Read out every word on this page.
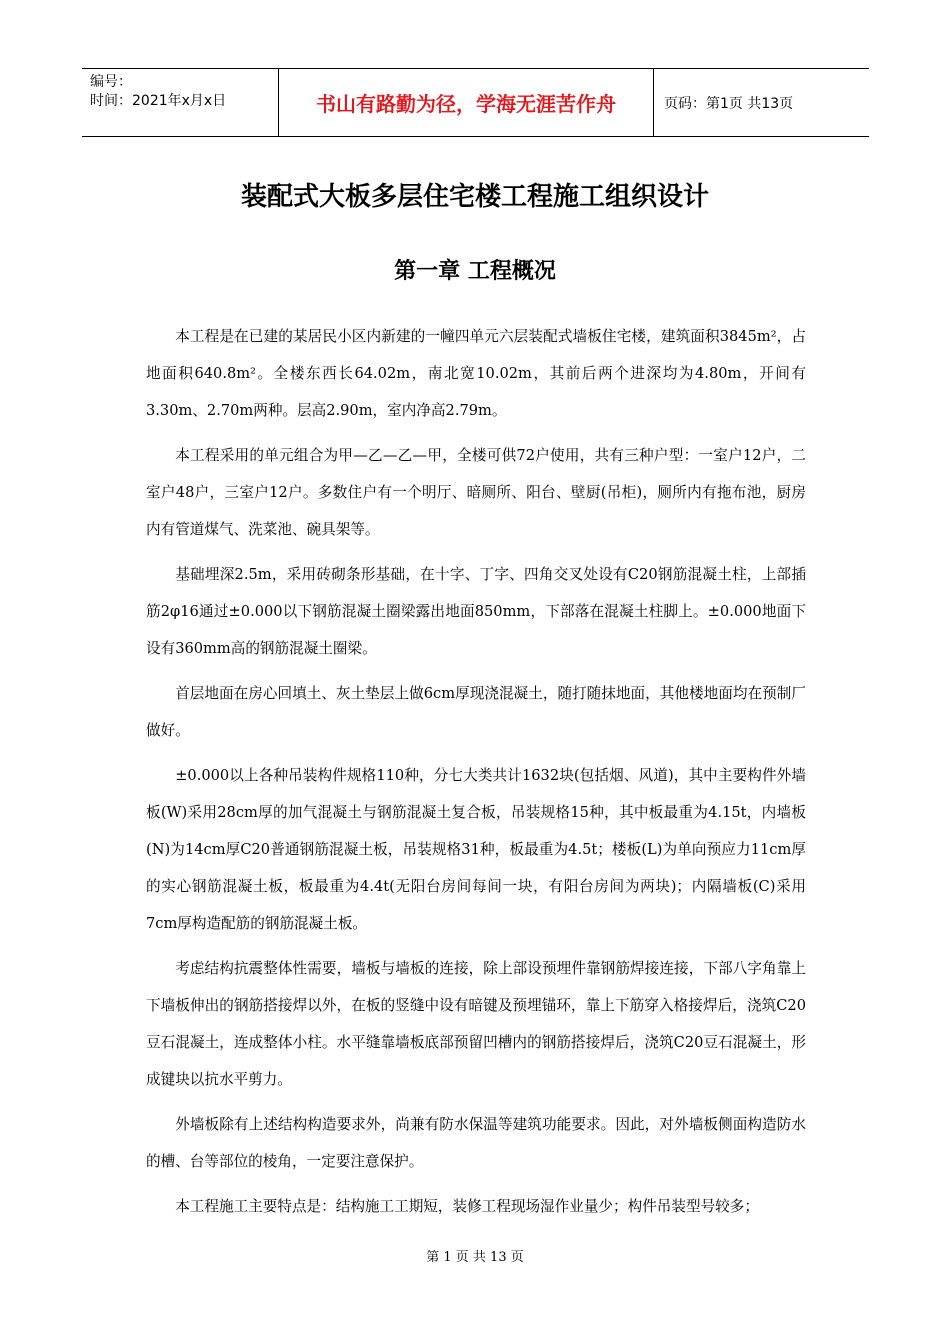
编号：
时间：2021年x月x日	书山有路勤为径，学海无涯苦作舟	页码：第1页 共13页
装配式大板多层住宅楼工程施工组织设计
第一章 工程概况

本工程是在已建的某居民小区内新建的一幢四单元六层装配式墙板住宅楼，建筑面积3845m²，占地面积640.8m²。全楼东西长64.02m，南北宽10.02m，其前后两个进深均为4.80m，开间有3.30m、2.70m两种。层高2.90m，室内净高2.79m。

本工程采用的单元组合为甲—乙—乙—甲，全楼可供72户使用，共有三种户型：一室户12户，二室户48户，三室户12户。多数住户有一个明厅、暗厕所、阳台、壁厨(吊柜)，厕所内有拖布池，厨房内有管道煤气、洗菜池、碗具架等。

基础埋深2.5m，采用砖砌条形基础，在十字、丁字、四角交叉处设有C20钢筋混凝土柱，上部插筋2φ16通过±0.000以下钢筋混凝土圈梁露出地面850mm，下部落在混凝土柱脚上。±0.000地面下设有360mm高的钢筋混凝土圈梁。

首层地面在房心回填土、灰土垫层上做6cm厚现浇混凝土，随打随抹地面，其他楼地面均在预制厂做好。

±0.000以上各种吊装构件规格110种，分七大类共计1632块(包括烟、风道)，其中主要构件外墙板(W)采用28cm厚的加气混凝土与钢筋混凝土复合板，吊装规格15种，其中板最重为4.15t，内墙板(N)为14cm厚C20普通钢筋混凝土板，吊装规格31种，板最重为4.5t；楼板(L)为单向预应力11cm厚的实心钢筋混凝土板，板最重为4.4t(无阳台房间每间一块，有阳台房间为两块)；内隔墙板(C)采用7cm厚构造配筋的钢筋混凝土板。

考虑结构抗震整体性需要，墙板与墙板的连接，除上部设预埋件靠钢筋焊接连接，下部八字角靠上下墙板伸出的钢筋搭接焊以外，在板的竖缝中设有暗键及预埋锚环，靠上下筋穿入格接焊后，浇筑C20豆石混凝土，连成整体小柱。水平缝靠墙板底部预留凹槽内的钢筋搭接焊后，浇筑C20豆石混凝土，形成键块以抗水平剪力。

外墙板除有上述结构构造要求外，尚兼有防水保温等建筑功能要求。因此，对外墙板侧面构造防水的槽、台等部位的棱角，一定要注意保护。

本工程施工主要特点是：结构施工工期短，装修工程现场湿作业量少；构件吊装型号较多；

第 1 页 共 13 页
